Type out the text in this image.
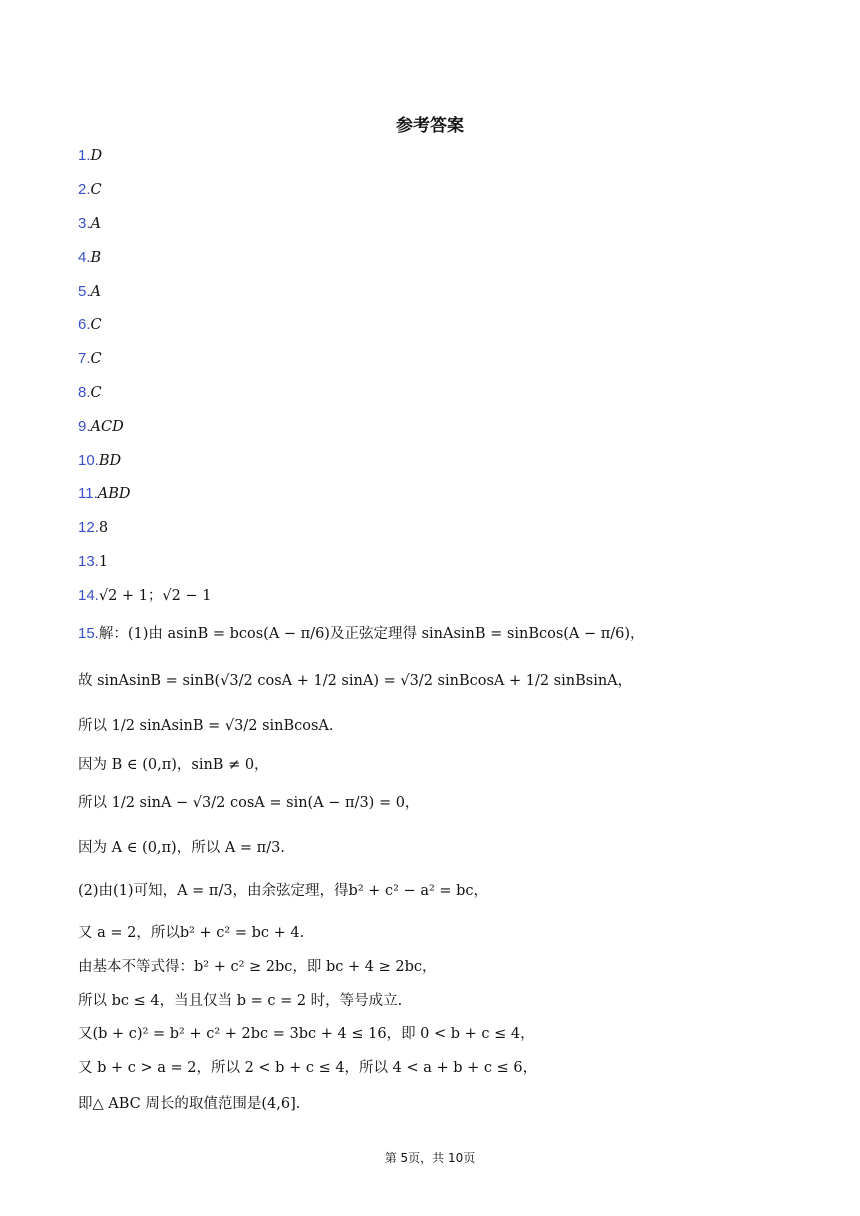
参考答案
1.D
2.C
3.A
4.B
5.A
6.C
7.C
8.C
9.ACD
10.BD
11.ABD
12.8
13.1
14.√2 + 1；√2 − 1
15.解：(1)由 asinB = bcos(A − π/6)及正弦定理得 sinAsinB = sinBcos(A − π/6)，
故 sinAsinB = sinB(√3/2 cosA + 1/2 sinA) = √3/2 sinBcosA + 1/2 sinBsinA，
所以 1/2 sinAsinB = √3/2 sinBcosA.
因为 B ∈ (0,π)，sinB ≠ 0，
所以 1/2 sinA − √3/2 cosA = sin(A − π/3) = 0，
因为 A ∈ (0,π)，所以 A = π/3.
(2)由(1)可知，A = π/3，由余弦定理，得b² + c² − a² = bc，
又 a = 2，所以b² + c² = bc + 4.
由基本不等式得：b² + c² ≥ 2bc，即 bc + 4 ≥ 2bc，
所以 bc ≤ 4，当且仅当 b = c = 2 时，等号成立.
又(b + c)² = b² + c² + 2bc = 3bc + 4 ≤ 16，即 0 < b + c ≤ 4，
又 b + c > a = 2，所以 2 < b + c ≤ 4，所以 4 < a + b + c ≤ 6，
即△ ABC 周长的取值范围是(4,6].
第 5页，共 10页
